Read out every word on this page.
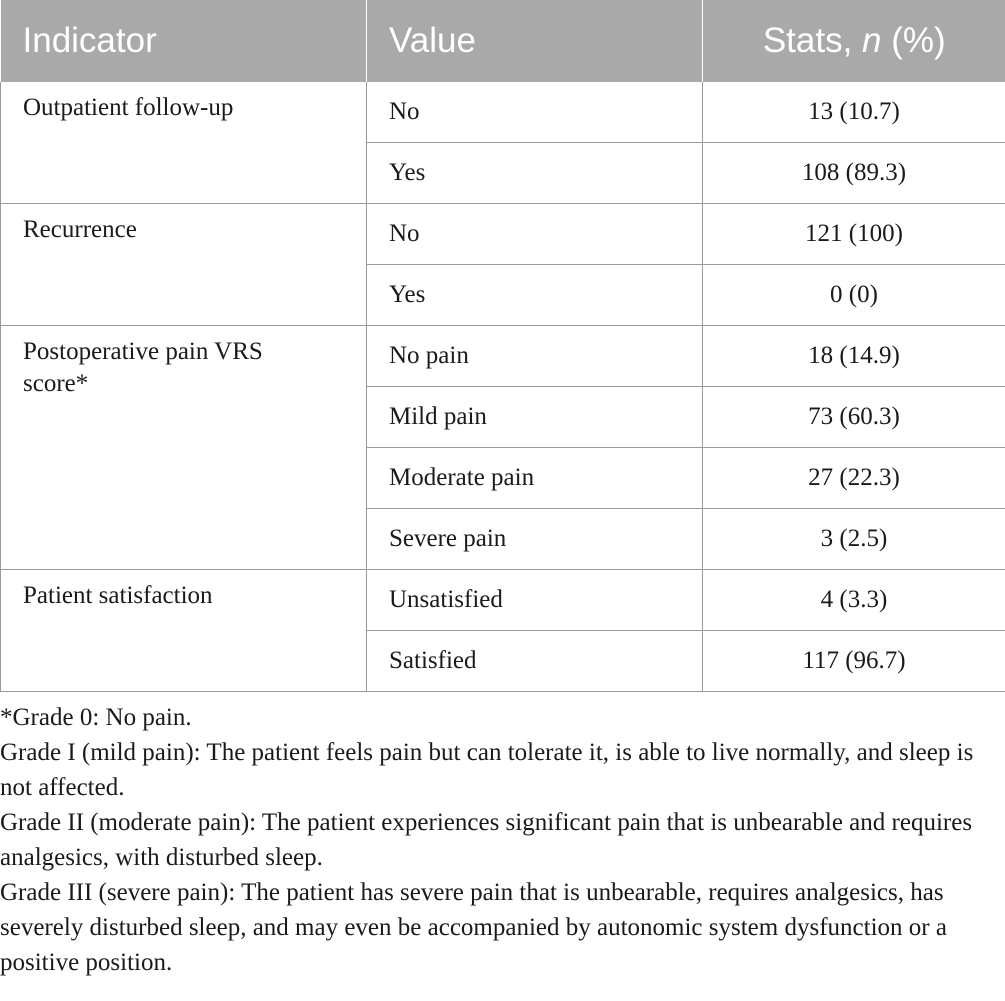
Indicator	Value	Stats, n (%)
Outpatient follow-up	No	13 (10.7)
	Yes	108 (89.3)
Recurrence	No	121 (100)
	Yes	0 (0)
Postoperative pain VRS score*	No pain	18 (14.9)
	Mild pain	73 (60.3)
	Moderate pain	27 (22.3)
	Severe pain	3 (2.5)
Patient satisfaction	Unsatisfied	4 (3.3)
	Satisfied	117 (96.7)

*Grade 0: No pain.

Grade I (mild pain): The patient feels pain but can tolerate it, is able to live normally, and sleep is not affected.

Grade II (moderate pain): The patient experiences significant pain that is unbearable and requires analgesics, with disturbed sleep.

Grade III (severe pain): The patient has severe pain that is unbearable, requires analgesics, has severely disturbed sleep, and may even be accompanied by autonomic system dysfunction or a positive position.
